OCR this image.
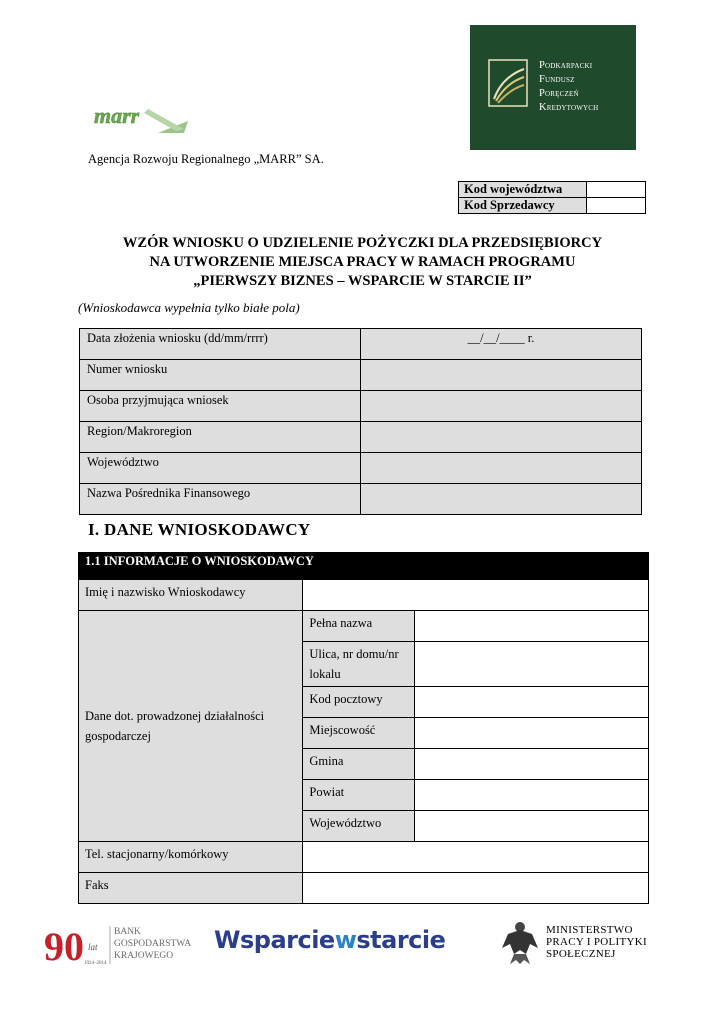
marr
Agencja Rozwoju Regionalnego „MARR” SA.
Podkarpacki
Fundusz
Poręczeń
Kredytowych
Kod województwa	
Kod Sprzedawcy	
WZÓR WNIOSKU O UDZIELENIE POŻYCZKI DLA PRZEDSIĘBIORCY
NA UTWORZENIE MIEJSCA PRACY W RAMACH PROGRAMU
„PIERWSZY BIZNES – WSPARCIE W STARCIE II”
(Wnioskodawca wypełnia tylko białe pola)
Data złożenia wniosku (dd/mm/rrrr)	__/__/____ r.
Numer wniosku	
Osoba przyjmująca wniosek	
Region/Makroregion	
Województwo	
Nazwa Pośrednika Finansowego	
I. DANE WNIOSKODAWCY
1.1 INFORMACJE O WNIOSKODAWCY		
Imię i nazwisko Wnioskodawcy		
Dane dot. prowadzonej działalności gospodarczej	Pełna nazwa	
	Ulica, nr domu/nr lokalu	
	Kod pocztowy	
	Miejscowość	
	Gmina	
	Powiat	
	Województwo	
Tel. stacjonarny/komórkowy		
Faks		
90 lat
1924–2014
BANK
GOSPODARSTWA
KRAJOWEGO
Wsparciewstarcie	MINISTERSTWO
PRACY I POLITYKI
SPOŁECZNEJ
